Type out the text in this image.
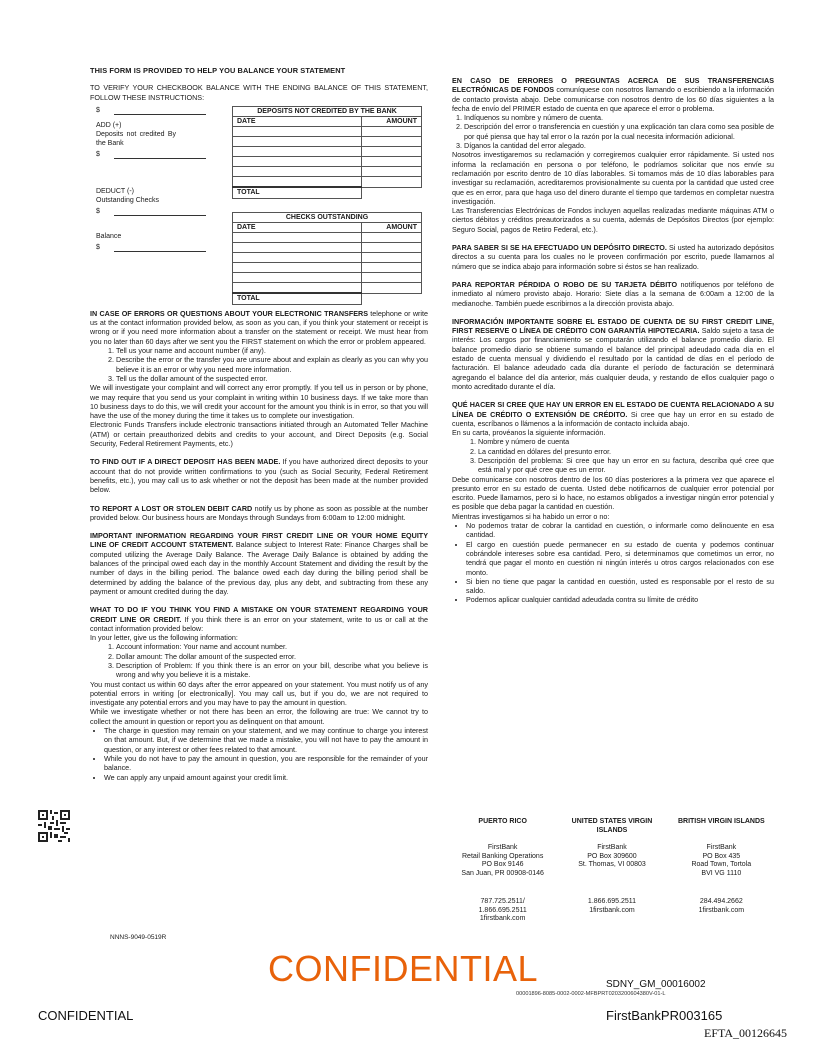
THIS FORM IS PROVIDED TO HELP YOU BALANCE YOUR STATEMENT

TO VERIFY YOUR CHECKBOOK BALANCE WITH THE ENDING BALANCE OF THIS STATEMENT, FOLLOW THESE INSTRUCTIONS:

$
ADD (+)
Deposits not credited By the Bank
$
DEDUCT (-)
Outstanding Checks
$
Balance
$
DEPOSITS NOT CREDITED BY THE BANK	
DATE	AMOUNT

TOTAL	
CHECKS OUTSTANDING	
DATE	AMOUNT

TOTAL	

IN CASE OF ERRORS OR QUESTIONS ABOUT YOUR ELECTRONIC TRANSFERS telephone or write us at the contact information provided below, as soon as you can, if you think your statement or receipt is wrong or if you need more information about a transfer on the statement or receipt. We must hear from you no later than 60 days after we sent you the FIRST statement on which the error or problem appeared.

1. Tell us your name and account number (if any).
2. Describe the error or the transfer you are unsure about and explain as clearly as you can why you believe it is an error or why you need more information.
3. Tell us the dollar amount of the suspected error.

We will investigate your complaint and will correct any error promptly. If you tell us in person or by phone, we may require that you send us your complaint in writing within 10 business days. If we take more than 10 business days to do this, we will credit your account for the amount you think is in error, so that you will have the use of the money during the time it takes us to complete our investigation.

Electronic Funds Transfers include electronic transactions initiated through an Automated Teller Machine (ATM) or certain preauthorized debits and credits to your account, and Direct Deposits (e.g. Social Security, Federal Retirement Payments, etc.)

TO FIND OUT IF A DIRECT DEPOSIT HAS BEEN MADE. If you have authorized direct deposits to your account that do not provide written confirmations to you (such as Social Security, Federal Retirement benefits, etc.), you may call us to ask whether or not the deposit has been made at the number provided below.

TO REPORT A LOST OR STOLEN DEBIT CARD notify us by phone as soon as possible at the number provided below. Our business hours are Mondays through Sundays from 6:00am to 12:00 midnight.

IMPORTANT INFORMATION REGARDING YOUR FIRST CREDIT LINE OR YOUR HOME EQUITY LINE OF CREDIT ACCOUNT STATEMENT. Balance subject to Interest Rate: Finance Charges shall be computed utilizing the Average Daily Balance. The Average Daily Balance is obtained by adding the balances of the principal owed each day in the monthly Account Statement and dividing the result by the number of days in the billing period. The balance owed each day during the billing period shall be determined by adding the balance of the previous day, plus any debt, and subtracting from these any payment or amount credited during the day.

WHAT TO DO IF YOU THINK YOU FIND A MISTAKE ON YOUR STATEMENT REGARDING YOUR CREDIT LINE OR CREDIT. If you think there is an error on your statement, write to us or call at the contact information provided below:

In your letter, give us the following information:

1. Account information: Your name and account number.
2. Dollar amount: The dollar amount of the suspected error.
3. Description of Problem: If you think there is an error on your bill, describe what you believe is wrong and why you believe it is a mistake.

You must contact us within 60 days after the error appeared on your statement. You must notify us of any potential errors in writing [or electronically]. You may call us, but if you do, we are not required to investigate any potential errors and you may have to pay the amount in question.

While we investigate whether or not there has been an error, the following are true: We cannot try to collect the amount in question or report you as delinquent on that amount.

• The charge in question may remain on your statement, and we may continue to charge you interest on that amount. But, if we determine that we made a mistake, you will not have to pay the amount in question, or any interest or other fees related to that amount.
• While you do not have to pay the amount in question, you are responsible for the remainder of your balance.
• We can apply any unpaid amount against your credit limit.

EN CASO DE ERRORES O PREGUNTAS ACERCA DE SUS TRANSFERENCIAS ELECTRÓNICAS DE FONDOS comuníquese con nosotros llamando o escribiendo a la información de contacto provista abajo. Debe comunicarse con nosotros dentro de los 60 días siguientes a la fecha de envío del PRIMER estado de cuenta en que aparece el error o problema.

1. Indíquenos su nombre y número de cuenta.
2. Descripción del error o transferencia en cuestión y una explicación tan clara como sea posible de por qué piensa que hay tal error o la razón por la cual necesita información adicional.
3. Díganos la cantidad del error alegado.

Nosotros investigaremos su reclamación y corregiremos cualquier error rápidamente. Si usted nos informa la reclamación en persona o por teléfono, le podríamos solicitar que nos envíe su reclamación por escrito dentro de 10 días laborables. Si tomamos más de 10 días laborables para investigar su reclamación, acreditaremos provisionalmente su cuenta por la cantidad que usted cree que es en error, para que haga uso del dinero durante el tiempo que tardemos en completar nuestra investigación.

Las Transferencias Electrónicas de Fondos incluyen aquellas realizadas mediante máquinas ATM o ciertos débitos y créditos preautorizados a su cuenta, además de Depósitos Directos (por ejemplo: Seguro Social, pagos de Retiro Federal, etc.).

PARA SABER SI SE HA EFECTUADO UN DEPÓSITO DIRECTO. Si usted ha autorizado depósitos directos a su cuenta para los cuales no le proveen confirmación por escrito, puede llamarnos al número que se indica abajo para información sobre si éstos se han realizado.

PARA REPORTAR PÉRDIDA O ROBO DE SU TARJETA DÉBITO notifíquenos por teléfono de inmediato al número provisto abajo. Horario: Siete días a la semana de 6:00am a 12:00 de la medianoche. También puede escribirnos a la dirección provista abajo.

INFORMACIÓN IMPORTANTE SOBRE EL ESTADO DE CUENTA DE SU FIRST CREDIT LINE, FIRST RESERVE O LÍNEA DE CRÉDITO CON GARANTÍA HIPOTECARIA. Saldo sujeto a tasa de interés: Los cargos por financiamiento se computarán utilizando el balance promedio diario. El balance promedio diario se obtiene sumando el balance del principal adeudado cada día en el estado de cuenta mensual y dividiendo el resultado por la cantidad de días en el período de facturación. El balance adeudado cada día durante el período de facturación se determinará agregando el balance del día anterior, más cualquier deuda, y restando de ellos cualquier pago o monto acreditado durante el día.

QUÉ HACER SI CREE QUE HAY UN ERROR EN EL ESTADO DE CUENTA RELACIONADO A SU LÍNEA DE CRÉDITO O EXTENSIÓN DE CRÉDITO. Si cree que hay un error en su estado de cuenta, escríbanos o llámenos a la información de contacto incluida abajo.

En su carta, provéanos la siguiente información.

1. Nombre y número de cuenta
2. La cantidad en dólares del presunto error.
3. Descripción del problema: Si cree que hay un error en su factura, describa qué cree que está mal y por qué cree que es un error.

Debe comunicarse con nosotros dentro de los 60 días posteriores a la primera vez que aparece el presunto error en su estado de cuenta. Usted debe notificarnos de cualquier error potencial por escrito. Puede llamarnos, pero si lo hace, no estamos obligados a investigar ningún error potencial y es posible que deba pagar la cantidad en cuestión.

Mientras investigamos si ha habido un error o no:

• No podemos tratar de cobrar la cantidad en cuestión, o informarle como delincuente en esa cantidad.
• El cargo en cuestión puede permanecer en su estado de cuenta y podemos continuar cobrándole intereses sobre esa cantidad. Pero, si determinamos que cometimos un error, no tendrá que pagar el monto en cuestión ni ningún interés u otros cargos relacionados con ese monto.
• Si bien no tiene que pagar la cantidad en cuestión, usted es responsable por el resto de su saldo.
• Podemos aplicar cualquier cantidad adeudada contra su límite de crédito
PUERTO RICO
FirstBank
Retail Banking Operations
PO Box 9146
San Juan, PR 00908-0146
787.725.2511/
1.866.695.2511
1firstbank.com
UNITED STATES VIRGIN ISLANDS
FirstBank
PO Box 309600
St. Thomas, VI 00803
1.866.695.2511
1firstbank.com
BRITISH VIRGIN ISLANDS
FirstBank
PO Box 435
Road Town, Tortola
BVI VG 1110
284.494.2662
1firstbank.com
NNNS-9049-0519R
CONFIDENTIAL	SDNY_GM_00016002
00001896-8085-0002-0002-MFBPRT0203200604380V-01-L
CONFIDENTIAL	FirstBankPR003165
EFTA_00126645
